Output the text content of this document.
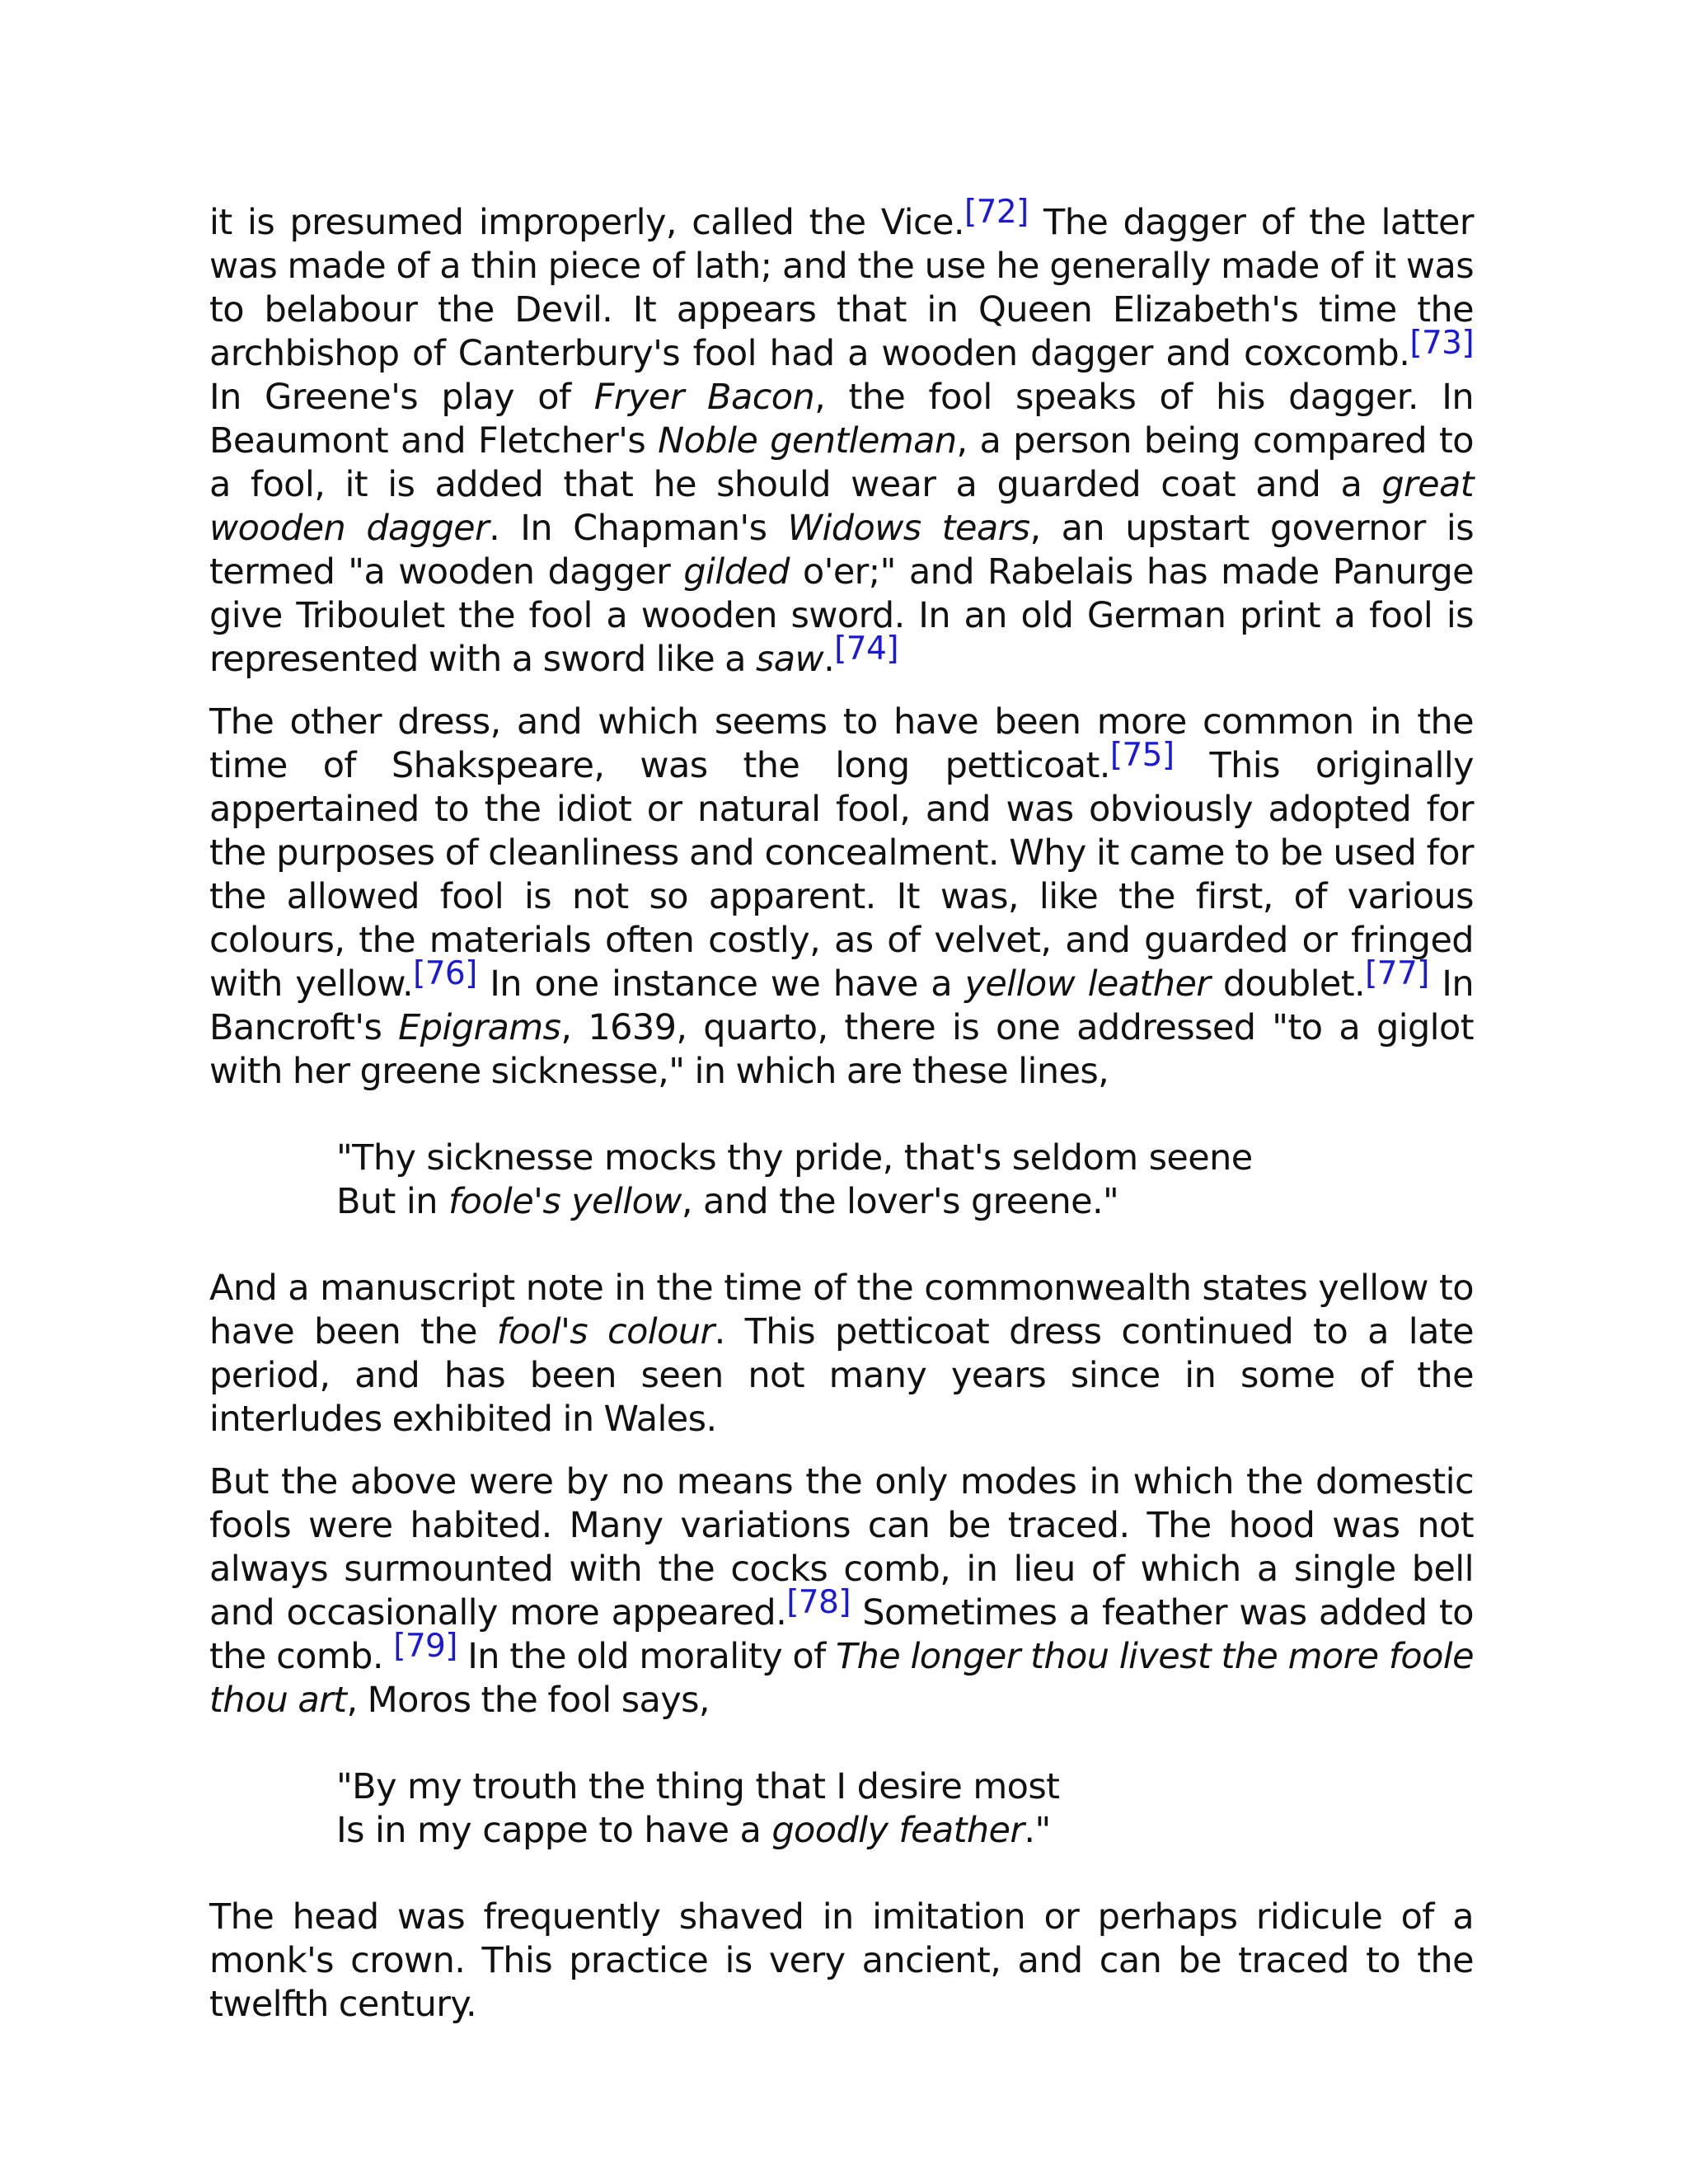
it is presumed improperly, called the Vice.[72] The dagger of the latter was made of a thin piece of lath; and the use he generally made of it was to belabour the Devil. It appears that in Queen Elizabeth's time the archbishop of Canterbury's fool had a wooden dagger and coxcomb.[73] In Greene's play of Fryer Bacon, the fool speaks of his dagger. In Beaumont and Fletcher's Noble gentleman, a person being compared to a fool, it is added that he should wear a guarded coat and a great wooden dagger. In Chapman's Widows tears, an upstart governor is termed "a wooden dagger gilded o'er;" and Rabelais has made Panurge give Triboulet the fool a wooden sword. In an old German print a fool is represented with a sword like a saw.[74]

The other dress, and which seems to have been more common in the time of Shakspeare, was the long petticoat.[75] This originally appertained to the idiot or natural fool, and was obviously adopted for the purposes of cleanliness and concealment. Why it came to be used for the allowed fool is not so apparent. It was, like the first, of various colours, the materials often costly, as of velvet, and guarded or fringed with yellow.[76] In one instance we have a yellow leather doublet.[77] In Bancroft's Epigrams, 1639, quarto, there is one addressed "to a giglot with her greene sicknesse," in which are these lines,

"Thy sicknesse mocks thy pride, that's seldom seene
But in foole's yellow, and the lover's greene."

And a manuscript note in the time of the commonwealth states yellow to have been the fool's colour. This petticoat dress continued to a late period, and has been seen not many years since in some of the interludes exhibited in Wales.

But the above were by no means the only modes in which the domestic fools were habited. Many variations can be traced. The hood was not always surmounted with the cocks comb, in lieu of which a single bell and occasionally more appeared.[78] Sometimes a feather was added to the comb. [79] In the old morality of The longer thou livest the more foole thou art, Moros the fool says,

"By my trouth the thing that I desire most
Is in my cappe to have a goodly feather."

The head was frequently shaved in imitation or perhaps ridicule of a monk's crown. This practice is very ancient, and can be traced to the twelfth century.
